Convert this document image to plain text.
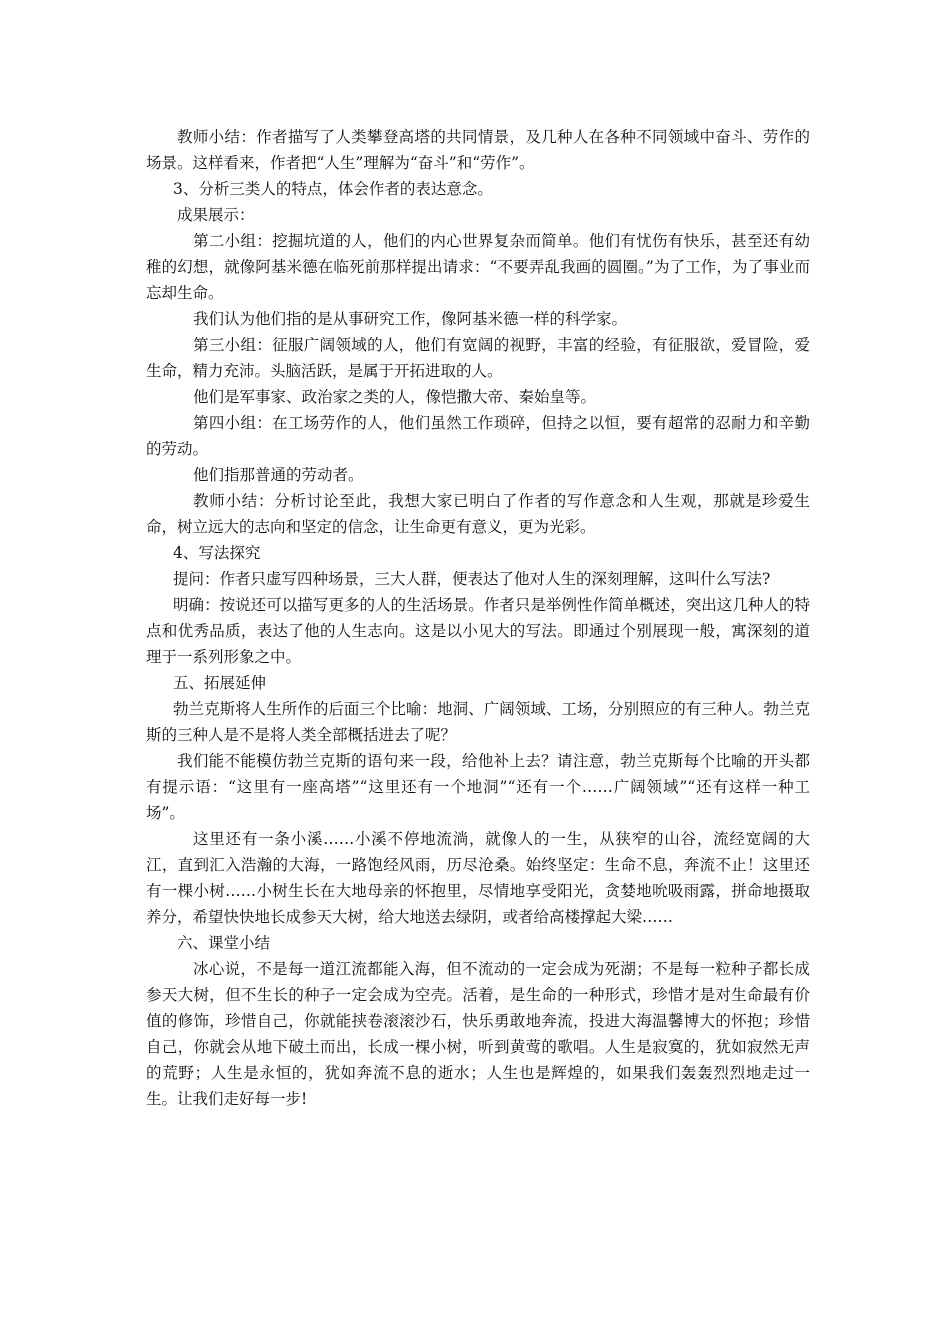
教师小结：作者描写了人类攀登高塔的共同情景，及几种人在各种不同领域中奋斗、劳作的场景。这样看来，作者把“人生”理解为“奋斗”和“劳作”。

3、分析三类人的特点，体会作者的表达意念。

成果展示：

第二小组：挖掘坑道的人，他们的内心世界复杂而简单。他们有忧伤有快乐，甚至还有幼稚的幻想，就像阿基米德在临死前那样提出请求：“不要弄乱我画的圆圈。”为了工作，为了事业而忘却生命。

我们认为他们指的是从事研究工作，像阿基米德一样的科学家。

第三小组：征服广阔领域的人，他们有宽阔的视野，丰富的经验，有征服欲，爱冒险，爱生命，精力充沛。头脑活跃，是属于开拓进取的人。

他们是军事家、政治家之类的人，像恺撒大帝、秦始皇等。

第四小组：在工场劳作的人，他们虽然工作琐碎，但持之以恒，要有超常的忍耐力和辛勤的劳动。

他们指那普通的劳动者。

教师小结：分析讨论至此，我想大家已明白了作者的写作意念和人生观，那就是珍爱生命，树立远大的志向和坚定的信念，让生命更有意义，更为光彩。

4、写法探究

提问：作者只虚写四种场景，三大人群，便表达了他对人生的深刻理解，这叫什么写法?

明确：按说还可以描写更多的人的生活场景。作者只是举例性作简单概述，突出这几种人的特点和优秀品质，表达了他的人生志向。这是以小见大的写法。即通过个别展现一般，寓深刻的道理于一系列形象之中。

五、拓展延伸

勃兰克斯将人生所作的后面三个比喻：地洞、广阔领域、工场，分别照应的有三种人。勃兰克斯的三种人是不是将人类全部概括进去了呢？

我们能不能模仿勃兰克斯的语句来一段，给他补上去？请注意，勃兰克斯每个比喻的开头都有提示语：“这里有一座高塔”“这里还有一个地洞”“还有一个……广阔领域”“还有这样一种工场”。

这里还有一条小溪……小溪不停地流淌，就像人的一生，从狭窄的山谷，流经宽阔的大江，直到汇入浩瀚的大海，一路饱经风雨，历尽沧桑。始终坚定：生命不息，奔流不止！这里还有一棵小树……小树生长在大地母亲的怀抱里，尽情地享受阳光，贪婪地吮吸雨露，拼命地摄取养分，希望快快地长成参天大树，给大地送去绿阴，或者给高楼撑起大梁……

六、课堂小结

冰心说，不是每一道江流都能入海，但不流动的一定会成为死湖；不是每一粒种子都长成参天大树，但不生长的种子一定会成为空壳。活着，是生命的一种形式，珍惜才是对生命最有价值的修饰，珍惜自己，你就能挟卷滚滚沙石，快乐勇敢地奔流，投进大海温馨博大的怀抱；珍惜自己，你就会从地下破土而出，长成一棵小树，听到黄莺的歌唱。人生是寂寞的，犹如寂然无声的荒野；人生是永恒的，犹如奔流不息的逝水；人生也是辉煌的，如果我们轰轰烈烈地走过一生。让我们走好每一步!
